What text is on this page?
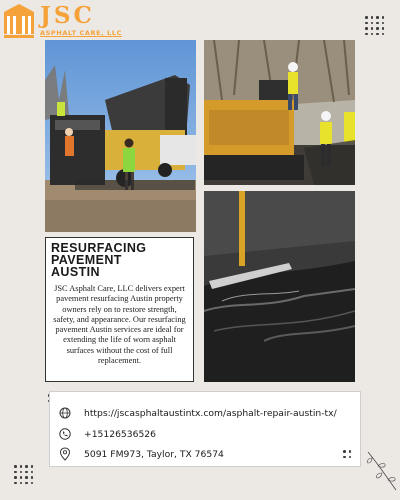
JSC
ASPHALT CARE, LLC
RESURFACING
PAVEMENT
AUSTIN

JSC Asphalt Care, LLC delivers expert pavement resurfacing Austin property owners rely on to restore strength, safety, and appearance. Our resurfacing pavement Austin services are ideal for extending the life of worn asphalt surfaces without the cost of full replacement.

https://jscasphaltaustintx.com/asphalt-repair-austin-tx/
+15126536526
5091 FM973, Taylor, TX 76574
